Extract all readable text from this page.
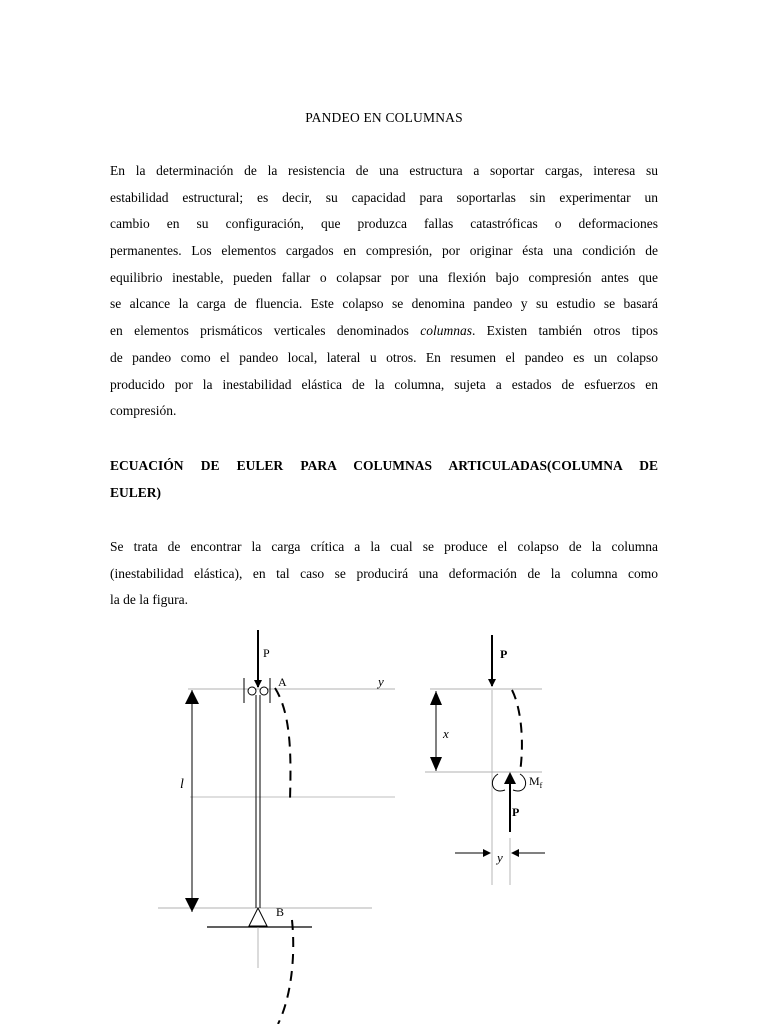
PANDEO EN COLUMNAS
En la determinación de la resistencia de una estructura a soportar cargas, interesa su
estabilidad estructural; es decir, su capacidad para soportarlas sin experimentar un
cambio en su configuración, que produzca fallas catastróficas o deformaciones
permanentes. Los elementos cargados en compresión, por originar ésta una condición de
equilibrio inestable, pueden fallar o colapsar por una flexión bajo compresión antes que
se alcance la carga de fluencia. Este colapso se denomina pandeo y su estudio se basará
en elementos prismáticos verticales denominados columnas. Existen también otros tipos
de pandeo como el pandeo local, lateral u otros. En resumen el pandeo es un colapso
producido por la inestabilidad elástica de la columna, sujeta a estados de esfuerzos en
compresión.
ECUACIÓN DE EULER PARA COLUMNAS ARTICULADAS(COLUMNA DE
EULER)
Se trata de encontrar la carga crítica a la cual se produce el colapso de la columna
(inestabilidad elástica), en tal caso se producirá una deformación de la columna como
la de la figura.
P
A	y
l
B
P
x
$M_f$
P
y
